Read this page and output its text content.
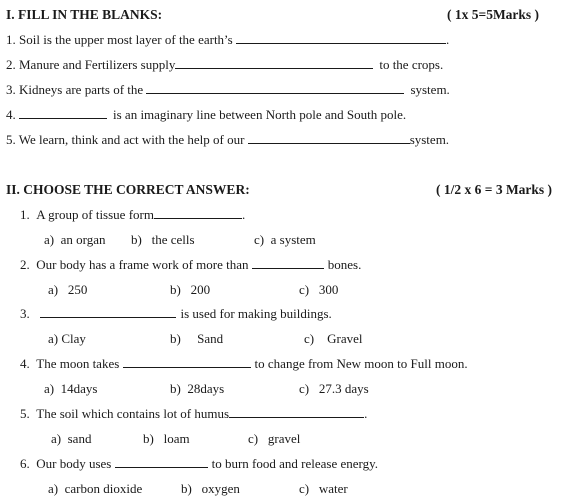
I. FILL IN THE BLANKS:	( 1x 5=5Marks )
1. Soil is the upper most layer of the earth’s	.
2. Manure and Fertilizers supply	to the crops.
3. Kidneys are parts of the	system.
4.	is an imaginary line between North pole and South pole.
5. We learn, think and act with the help of our	system.
II. CHOOSE THE CORRECT ANSWER:	( 1/2 x 6 = 3 Marks )
1. A group of tissue form	.
a) an organ b) the cells	c) a system
2. Our body has a frame work of more than	bones.
a) 250	b) 200	c) 300
3.	is used for making buildings.
a) Clay	b) Sand	c) Gravel
4. The moon takes	to change from New moon to Full moon.
a) 14days	b) 28days	c) 27.3 days
5. The soil which contains lot of humus	.
a) sand	b) loam	c) gravel
6. Our body uses	to burn food and release energy.
a) carbon dioxide	b) oxygen	c) water
